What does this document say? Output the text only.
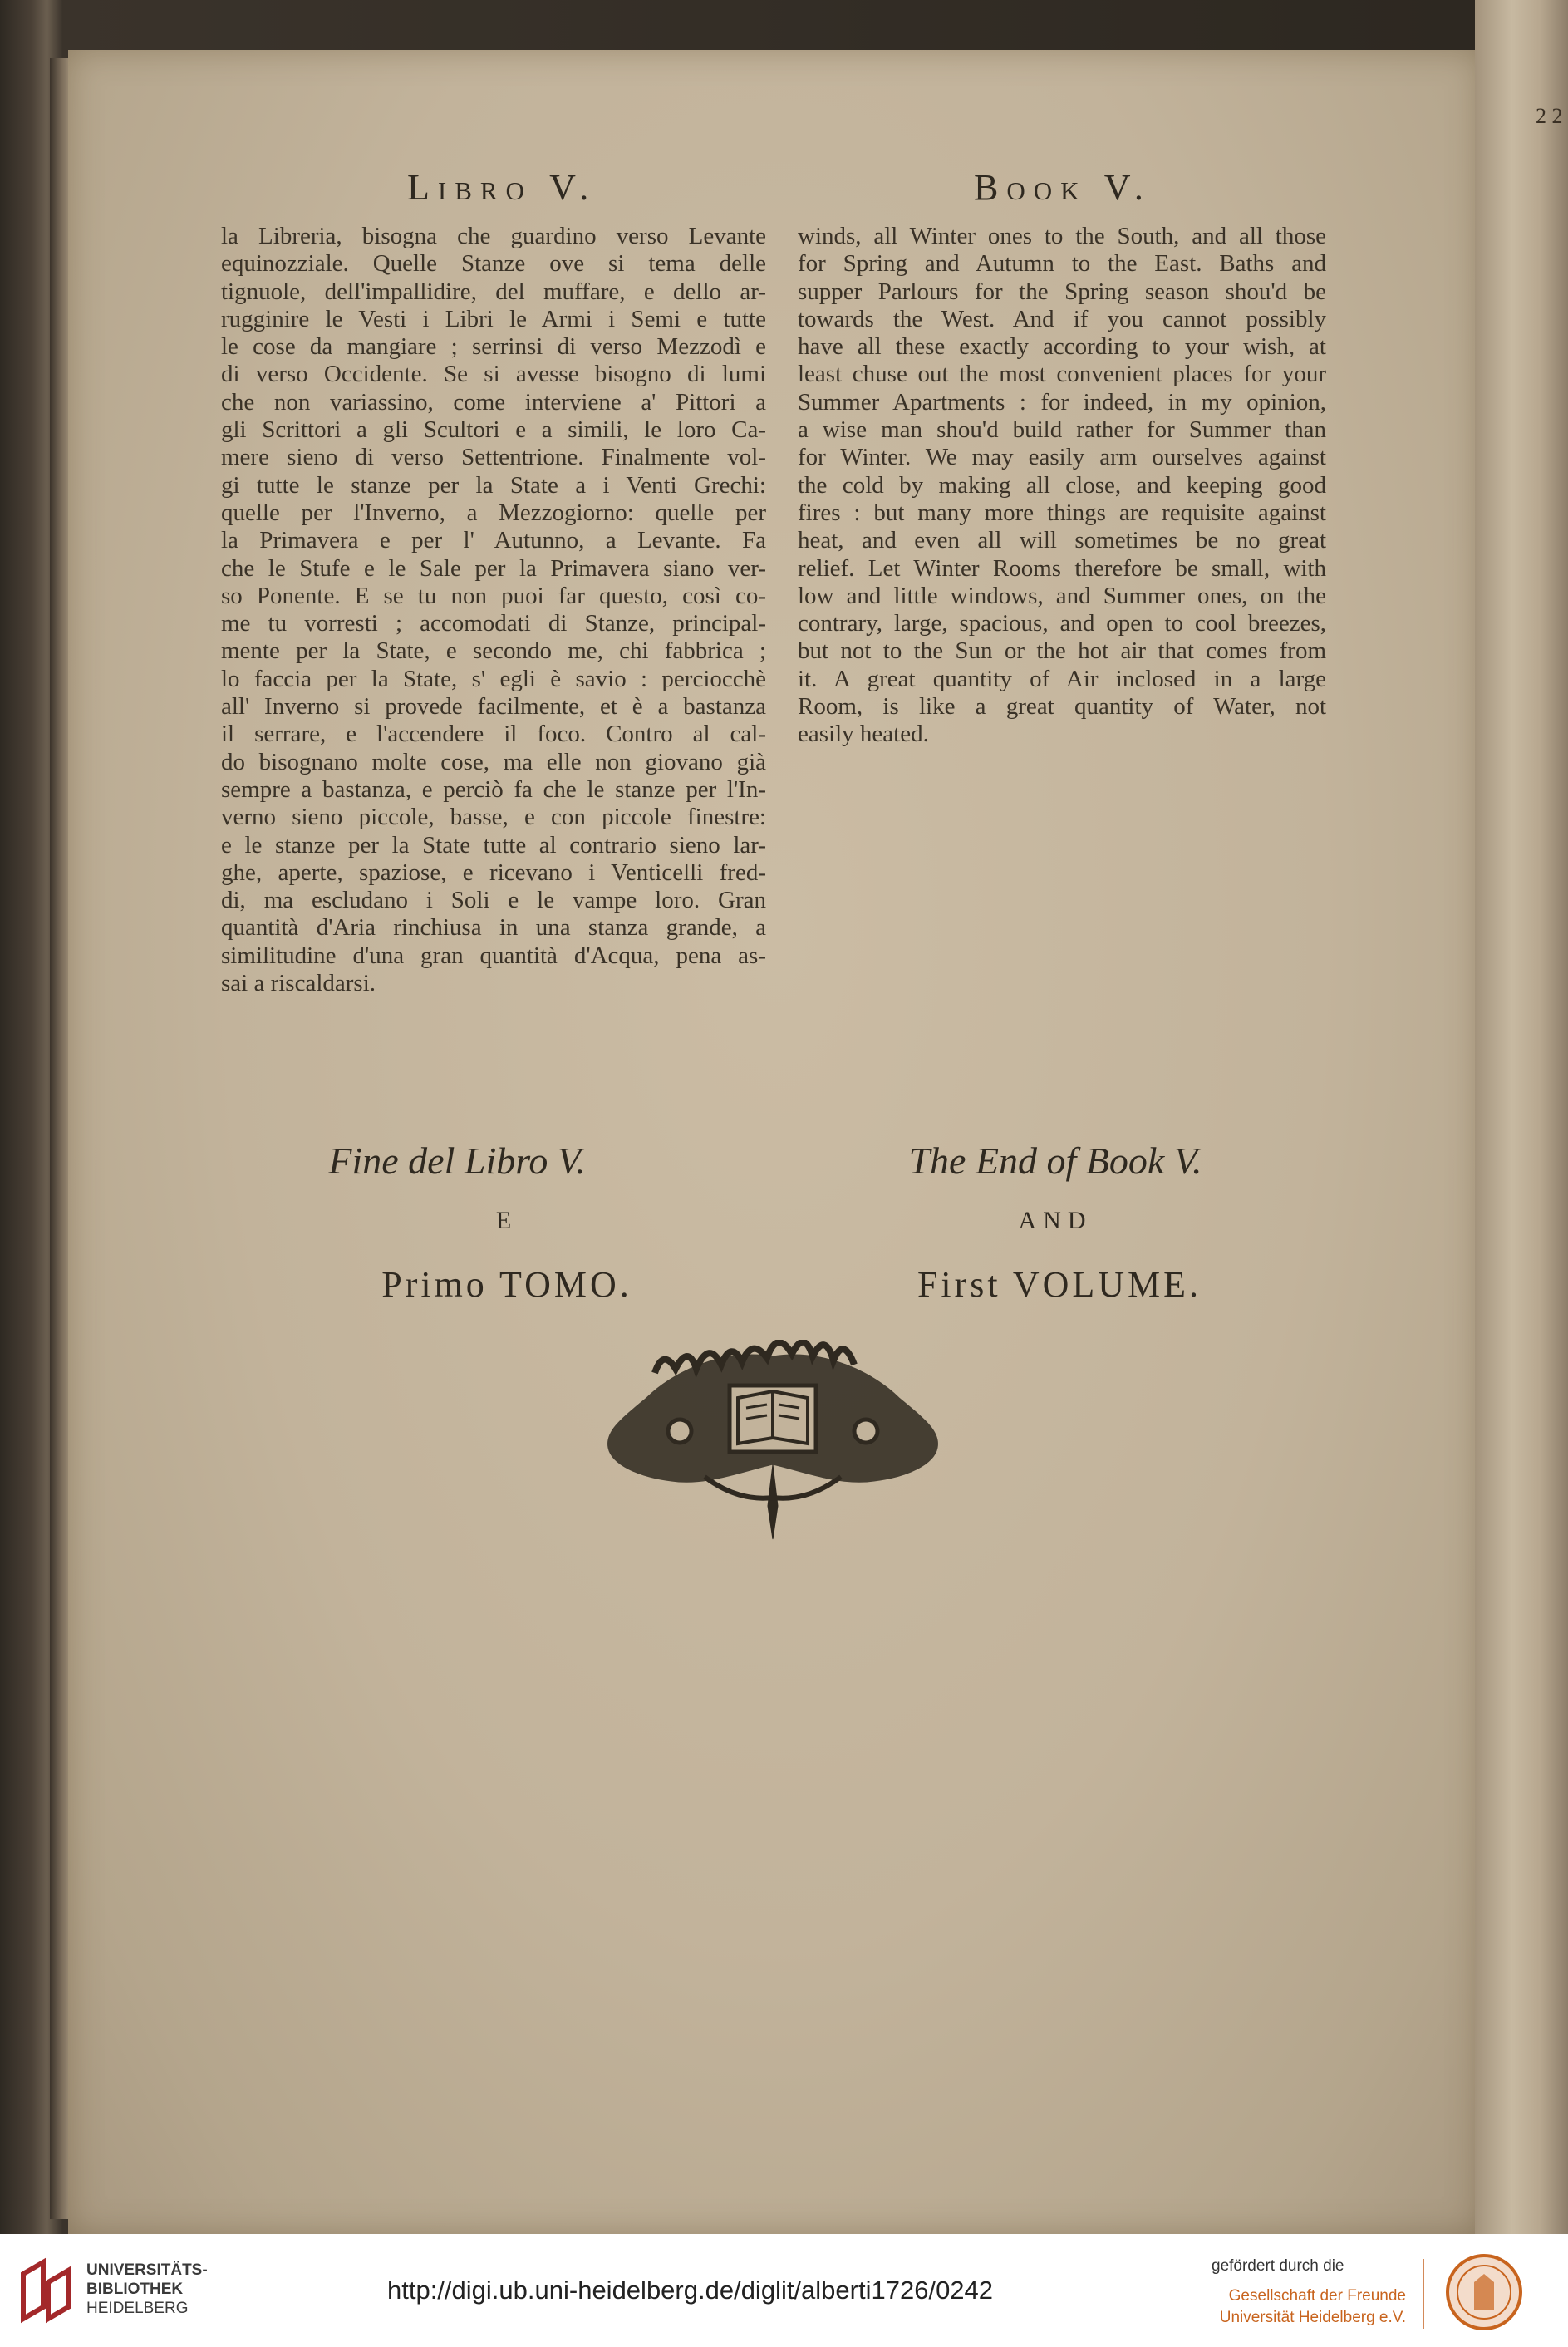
2 2
Libro V.	Book V.
la Libreria, bisogna che guardino verso Levante
equinozziale. Quelle Stanze ove si tema delle
tignuole, dell'impallidire, del muffare, e dello ar-
rugginire le Vesti i Libri le Armi i Semi e tutte
le cose da mangiare ; serrinsi di verso Mezzodì e
di verso Occidente. Se si avesse bisogno di lumi
che non variassino, come interviene a' Pittori a
gli Scrittori a gli Scultori e a simili, le loro Ca-
mere sieno di verso Settentrione. Finalmente vol-
gi tutte le stanze per la State a i Venti Grechi:
quelle per l'Inverno, a Mezzogiorno: quelle per
la Primavera e per l' Autunno, a Levante. Fa
che le Stufe e le Sale per la Primavera siano ver-
so Ponente. E se tu non puoi far questo, così co-
me tu vorresti ; accomodati di Stanze, principal-
mente per la State, e secondo me, chi fabbrica ;
lo faccia per la State, s' egli è savio : perciocchè
all' Inverno si provede facilmente, et è a bastanza
il serrare, e l'accendere il foco. Contro al cal-
do bisognano molte cose, ma elle non giovano già
sempre a bastanza, e perciò fa che le stanze per l'In-
verno sieno piccole, basse, e con piccole finestre:
e le stanze per la State tutte al contrario sieno lar-
ghe, aperte, spaziose, e ricevano i Venticelli fred-
di, ma escludano i Soli e le vampe loro. Gran
quantità d'Aria rinchiusa in una stanza grande, a
similitudine d'una gran quantità d'Acqua, pena as-
sai a riscaldarsi.
winds, all Winter ones to the South, and all those
for Spring and Autumn to the East. Baths and
supper Parlours for the Spring season shou'd be
towards the West. And if you cannot possibly
have all these exactly according to your wish, at
least chuse out the most convenient places for your
Summer Apartments : for indeed, in my opinion,
a wise man shou'd build rather for Summer than
for Winter. We may easily arm ourselves against
the cold by making all close, and keeping good
fires : but many more things are requisite against
heat, and even all will sometimes be no great
relief. Let Winter Rooms therefore be small, with
low and little windows, and Summer ones, on the
contrary, large, spacious, and open to cool breezes,
but not to the Sun or the hot air that comes from
it. A great quantity of Air inclosed in a large
Room, is like a great quantity of Water, not
easily heated.
Fine del Libro V.
E
Primo TOMO.
The End of Book V.
AND
First VOLUME.
UNIVERSITÄTS-
BIBLIOTHEK
HEIDELBERG
http://digi.ub.uni-heidelberg.de/diglit/alberti1726/0242
gefördert durch die
Gesellschaft der Freunde
Universität Heidelberg e.V.
